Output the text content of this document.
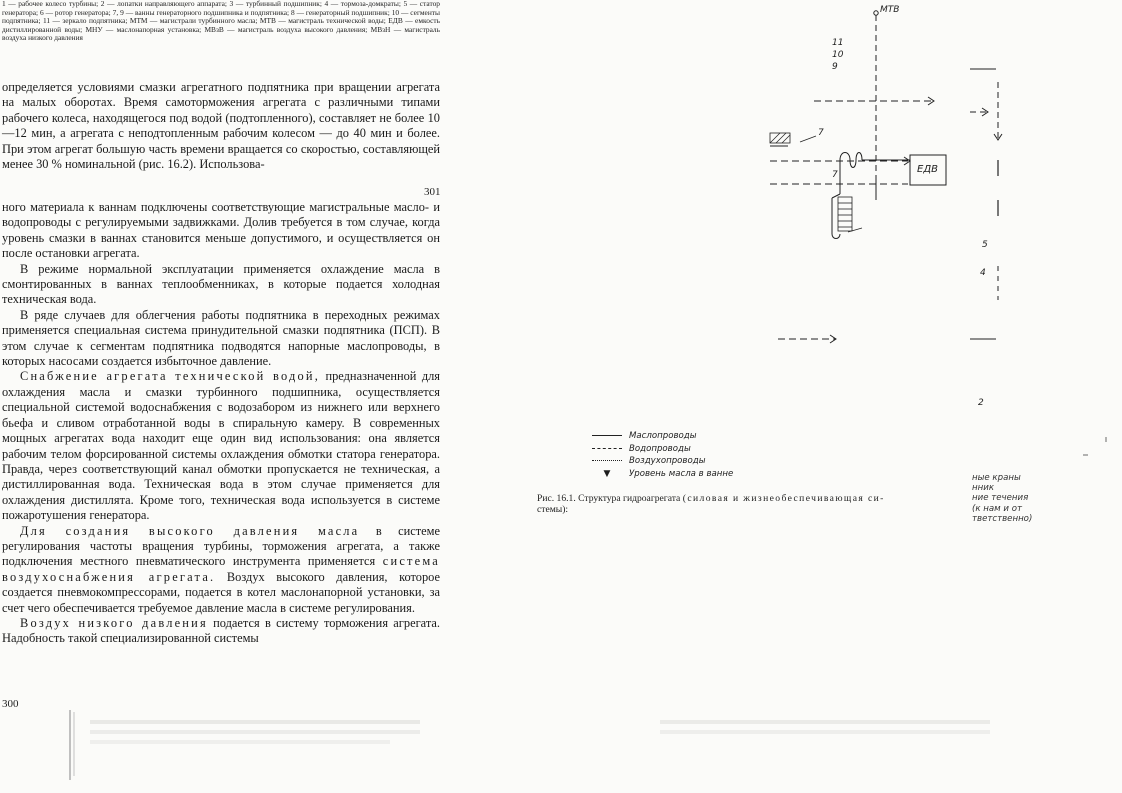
1 — рабочее колесо турбины; 2 — лопатки направляющего аппарата; 3 — турбинный подшипник; 4 — тормоза-домкраты; 5 — статор генератора; 6 — ротор генератора; 7, 9 — ванны генераторного подшипника и подпятника; 8 — генераторный подшипник; 10 — сегменты подпятника; 11 — зеркало подпятника; МТМ — магистрали турбинного масла; МТВ — магистраль технической воды; ЕДВ — емкость дистиллированной воды; МНУ — маслонапорная установка; МВзВ — магистраль воздуха высокого давления; МВзН — магистраль воздуха низкого давления

определяется условиями смазки агрегатного подпятника при вращении агрегата на малых оборотах. Время самоторможения агрегата с различными типами рабочего колеса, находящегося под водой (подтопленного), составляет не более 10—12 мин, а агрегата с неподтопленным рабочим колесом — до 40 мин и более. При этом агрегат большую часть времени вращается со скоростью, составляющей менее 30 % номинальной (рис. 16.2). Использова-

301

ного материала к ваннам подключены соответствующие магистральные масло- и водопроводы с регулируемыми задвижками. Долив требуется в том случае, когда уровень смазки в ваннах становится меньше допустимого, и осуществляется он после остановки агрегата.

В режиме нормальной эксплуатации применяется охлаждение масла в смонтированных в ваннах теплообменниках, в которые подается холодная техническая вода.

В ряде случаев для облегчения работы подпятника в переходных режимах применяется специальная система принудительной смазки подпятника (ПСП). В этом случае к сегментам подпятника подводятся напорные маслопроводы, в которых насосами создается избыточное давление.

Снабжение агрегата технической водой, предназначенной для охлаждения масла и смазки турбинного подшипника, осуществляется специальной системой водоснабжения с водозабором из нижнего или верхнего бьефа и сливом отработанной воды в спиральную камеру. В современных мощных агрегатах вода находит еще один вид использования: она является рабочим телом форсированной системы охлаждения обмотки статора генератора. Правда, через соответствующий канал обмотки пропускается не техническая, а дистиллированная вода. Техническая вода в этом случае применяется для охлаждения дистиллята. Кроме того, техническая вода используется в системе пожаротушения генератора.

Для создания высокого давления масла в системе регулирования частоты вращения турбины, торможения агрегата, а также подключения местного пневматического инструмента применяется система воздухоснабжения агрегата. Воздух высокого давления, которое создается пневмокомпрессорами, подается в котел маслонапорной установки, за счет чего обеспечивается требуемое давление масла в системе регулирования.

Воздух низкого давления подается в систему торможения агрегата. Надобность такой специализированной системы

300
МТВ
11
10
9
7
7	ЕДВ
5
4
2
Маслопроводы
Водопроводы
Воздухопроводы
▼	Уровень масла в ванне
Рис. 16.1. Структура гидроагрегата (силовая и жизнеобеспечивающая си-
стемы):
ные краны
нник
ние течения
(к нам и от
тветственно)
